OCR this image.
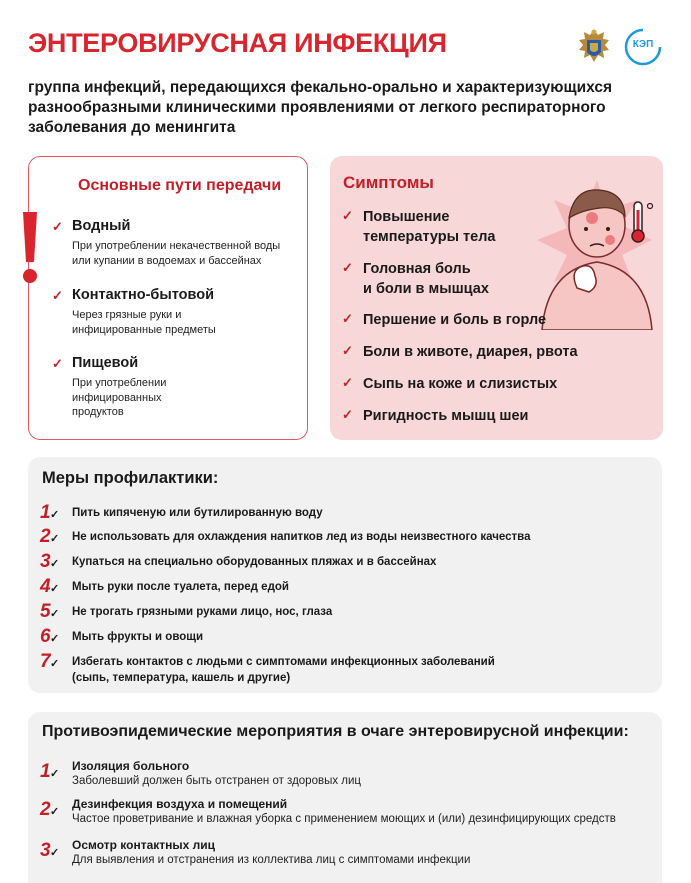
ЭНТЕРОВИРУСНАЯ ИНФЕКЦИЯ	КЭП
группа инфекций, передающихся фекально-орально и характеризующихся разнообразными клиническими проявлениями от легкого респираторного заболевания до менингита
Основные пути передачи
✓ Водный
При употреблении некачественной воды или купании в водоемах и бассейнах
✓ Контактно-бытовой
Через грязные руки и инфицированные предметы
✓ Пищевой
При употреблении инфицированных продуктов
Симптомы
✓ Повышение
температуры тела
✓ Головная боль
и боли в мышцах
✓ Першение и боль в горле
✓ Боли в животе, диарея, рвота
✓ Сыпь на коже и слизистых
✓ Ригидность мышц шеи
Меры профилактики:
1 ✓ Пить кипяченую или бутилированную воду
2 ✓ Не использовать для охлаждения напитков лед из воды неизвестного качества
3 ✓ Купаться на специально оборудованных пляжах и в бассейнах
4 ✓ Мыть руки после туалета, перед едой
5 ✓ Не трогать грязными руками лицо, нос, глаза
6 ✓ Мыть фрукты и овощи
7 ✓ Избегать контактов с людьми с симптомами инфекционных заболеваний
(сыпь, температура, кашель и другие)
Противоэпидемические мероприятия в очаге энтеровирусной инфекции:
1 ✓
Изоляция больного
Заболевший должен быть отстранен от здоровых лиц
2 ✓
Дезинфекция воздуха и помещений
Частое проветривание и влажная уборка с применением моющих и (или) дезинфицирующих средств
3 ✓
Осмотр контактных лиц
Для выявления и отстранения из коллектива лиц с симптомами инфекции
